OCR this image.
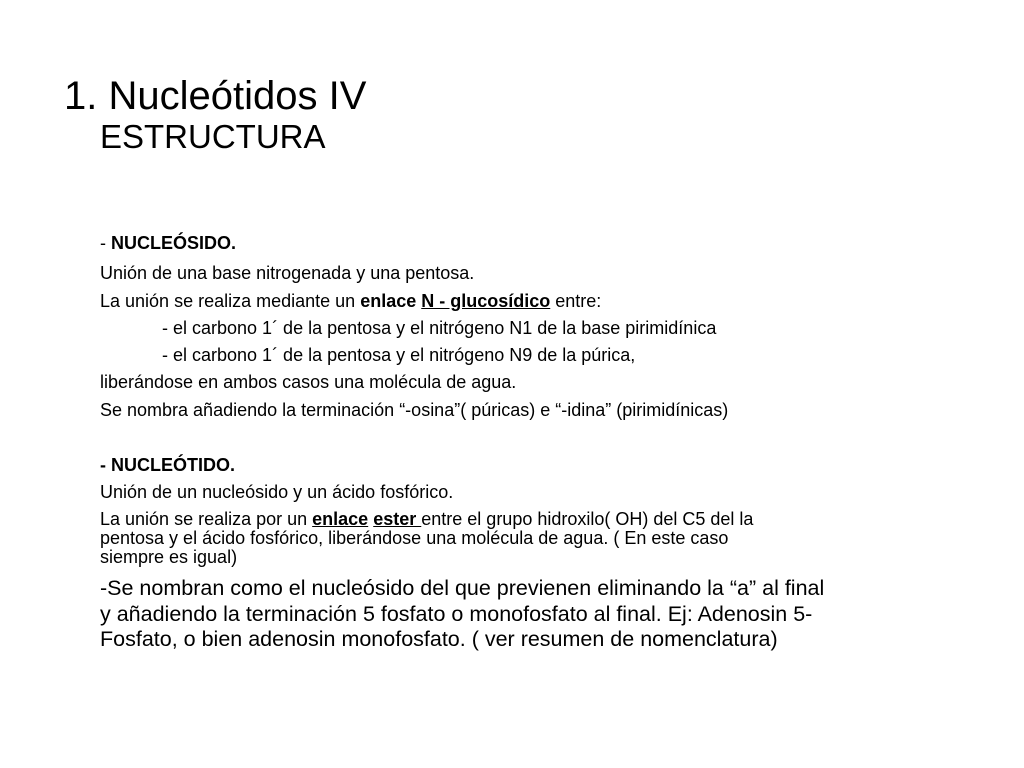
1. Nucleótidos IV
ESTRUCTURA
- NUCLEÓSIDO.
Unión de una base nitrogenada y una pentosa.
La unión se realiza mediante un enlace N - glucosídico entre:
- el carbono 1´ de la pentosa y el nitrógeno N1 de la base pirimidínica
- el carbono 1´ de la pentosa y el nitrógeno N9 de la púrica,
liberándose en ambos casos una molécula de agua.
Se nombra añadiendo la terminación “-osina”( púricas) e “-idina” (pirimidínicas)
- NUCLEÓTIDO.
Unión de un nucleósido y un ácido fosfórico.
La unión se realiza por un enlace ester entre el grupo hidroxilo( OH) del C5 del la
pentosa y el ácido fosfórico, liberándose una molécula de agua. ( En este caso
siempre es igual)
-Se nombran como el nucleósido del que previenen eliminando la “a” al final
y añadiendo la terminación 5 fosfato o monofosfato al final. Ej: Adenosin 5-
Fosfato, o bien adenosin monofosfato. ( ver resumen de nomenclatura)
